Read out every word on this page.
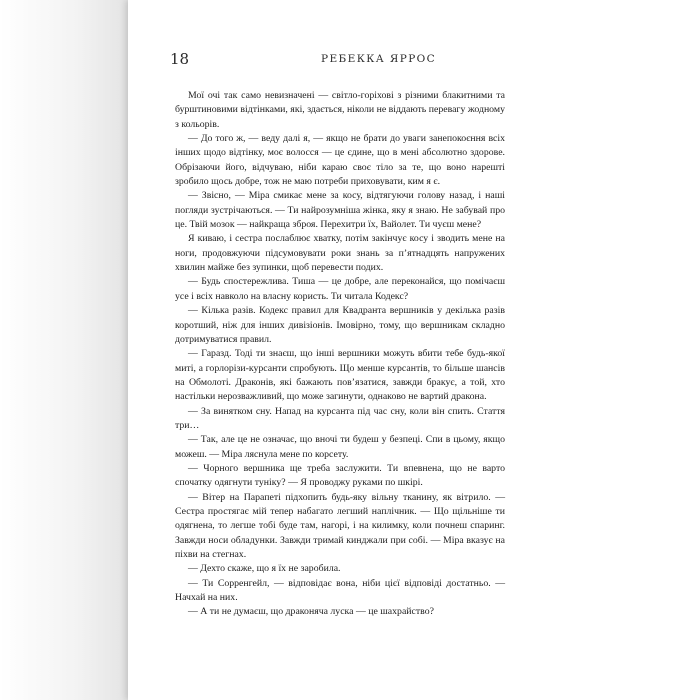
18	РЕБЕККА ЯРРОС

Мої очі так само невизначені — світло-горіхові з різними блакитними та бурштиновими відтінками, які, здається, ніколи не віддають перевагу жодному з кольорів.

— До того ж, — веду далі я, — якщо не брати до уваги занепокоєння всіх інших щодо відтінку, моє волосся — це єдине, що в мені абсолютно здорове. Обрізаючи його, відчуваю, ніби караю своє тіло за те, що воно нарешті зробило щось добре, тож не маю потреби приховувати, ким я є.

— Звісно, — Міра смикає мене за косу, відтягуючи голову назад, і наші погляди зустрічаються. — Ти найрозумніша жінка, яку я знаю. Не забувай про це. Твій мозок — найкраща зброя. Перехитри їх, Вайолет. Ти чуєш мене?

Я киваю, і сестра послаблює хватку, потім закінчує косу і зводить мене на ноги, продовжуючи підсумовувати роки знань за п’ятнадцять напружених хвилин майже без зупинки, щоб перевести подих.

— Будь спостережлива. Тиша — це добре, але переконайся, що помічаєш усе і всіх навколо на власну користь. Ти читала Кодекс?

— Кілька разів. Кодекс правил для Квадранта вершників у декілька разів коротший, ніж для інших дивізіонів. Імовірно, тому, що вершникам складно дотримуватися правил.

— Гаразд. Тоді ти знаєш, що інші вершники можуть вбити тебе будь-якої миті, а горлорізи-курсанти спробують. Що менше курсантів, то більше шансів на Обмолоті. Драконів, які бажають пов’язатися, завжди бракує, а той, хто настільки нерозважливий, що може загинути, однаково не вартий дракона.

— За винятком сну. Напад на курсанта під час сну, коли він спить. Стаття три…

— Так, але це не означає, що вночі ти будеш у безпеці. Спи в цьому, якщо можеш. — Міра ляснула мене по корсету.

— Чорного вершника ще треба заслужити. Ти впевнена, що не варто спочатку одягнути туніку? — Я проводжу руками по шкірі.

— Вітер на Парапеті підхопить будь-яку вільну тканину, як вітрило. — Сестра простягає мій тепер набагато легший наплічник. — Що щільніше ти одягнена, то легше тобі буде там, нагорі, і на килимку, коли почнеш спаринг. Завжди носи обладунки. Завжди тримай кинджали при собі. — Міра вказує на піхви на стегнах.

— Дехто скаже, що я їх не заробила.

— Ти Сорренгейл, — відповідає вона, ніби цієї відповіді достатньо. — Начхай на них.

— А ти не думаєш, що драконяча луска — це шахрайство?
